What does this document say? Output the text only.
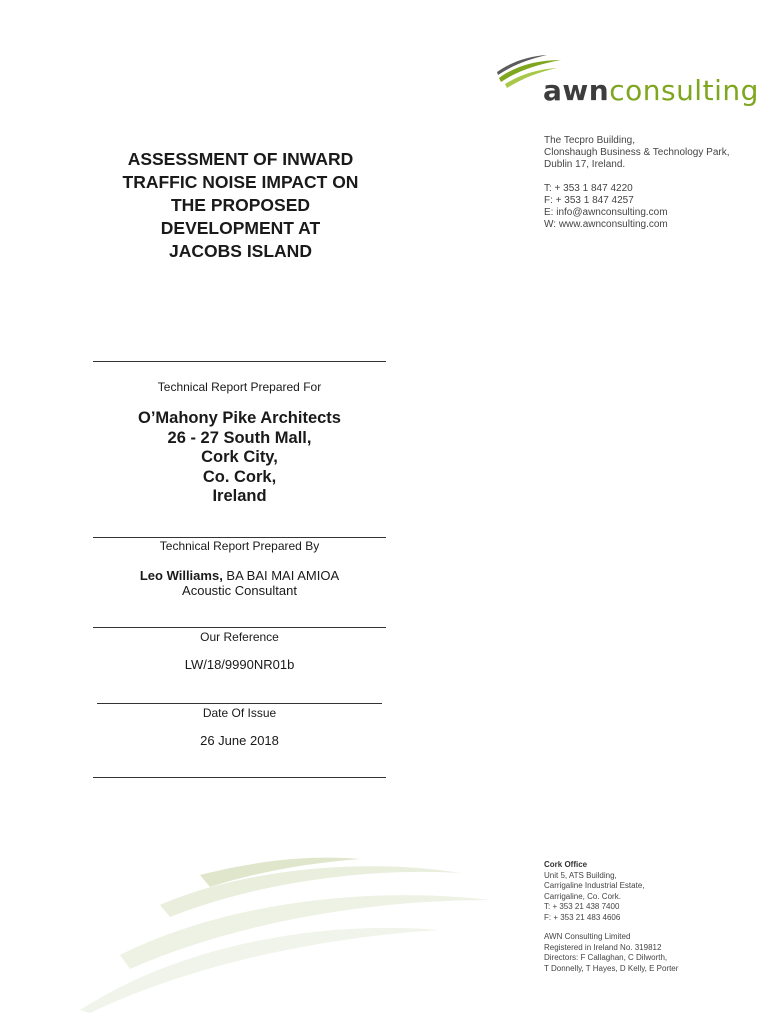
awnconsulting
The Tecpro Building,
Clonshaugh Business & Technology Park,
Dublin 17, Ireland.
T: + 353 1 847 4220
F: + 353 1 847 4257
E: info@awnconsulting.com
W: www.awnconsulting.com
ASSESSMENT OF INWARD
TRAFFIC NOISE IMPACT ON
THE PROPOSED
DEVELOPMENT AT
JACOBS ISLAND
Technical Report Prepared For
O’Mahony Pike Architects
26 - 27 South Mall,
Cork City,
Co. Cork,
Ireland
Technical Report Prepared By
Leo Williams, BA BAI MAI AMIOA
Acoustic Consultant
Our Reference
LW/18/9990NR01b
Date Of Issue
26 June 2018
Cork Office
Unit 5, ATS Building,
Carrigaline Industrial Estate,
Carrigaline, Co. Cork.
T: + 353 21 438 7400
F: + 353 21 483 4606
AWN Consulting Limited
Registered in Ireland No. 319812
Directors: F Callaghan, C Dilworth,
T Donnelly, T Hayes, D Kelly, E Porter
